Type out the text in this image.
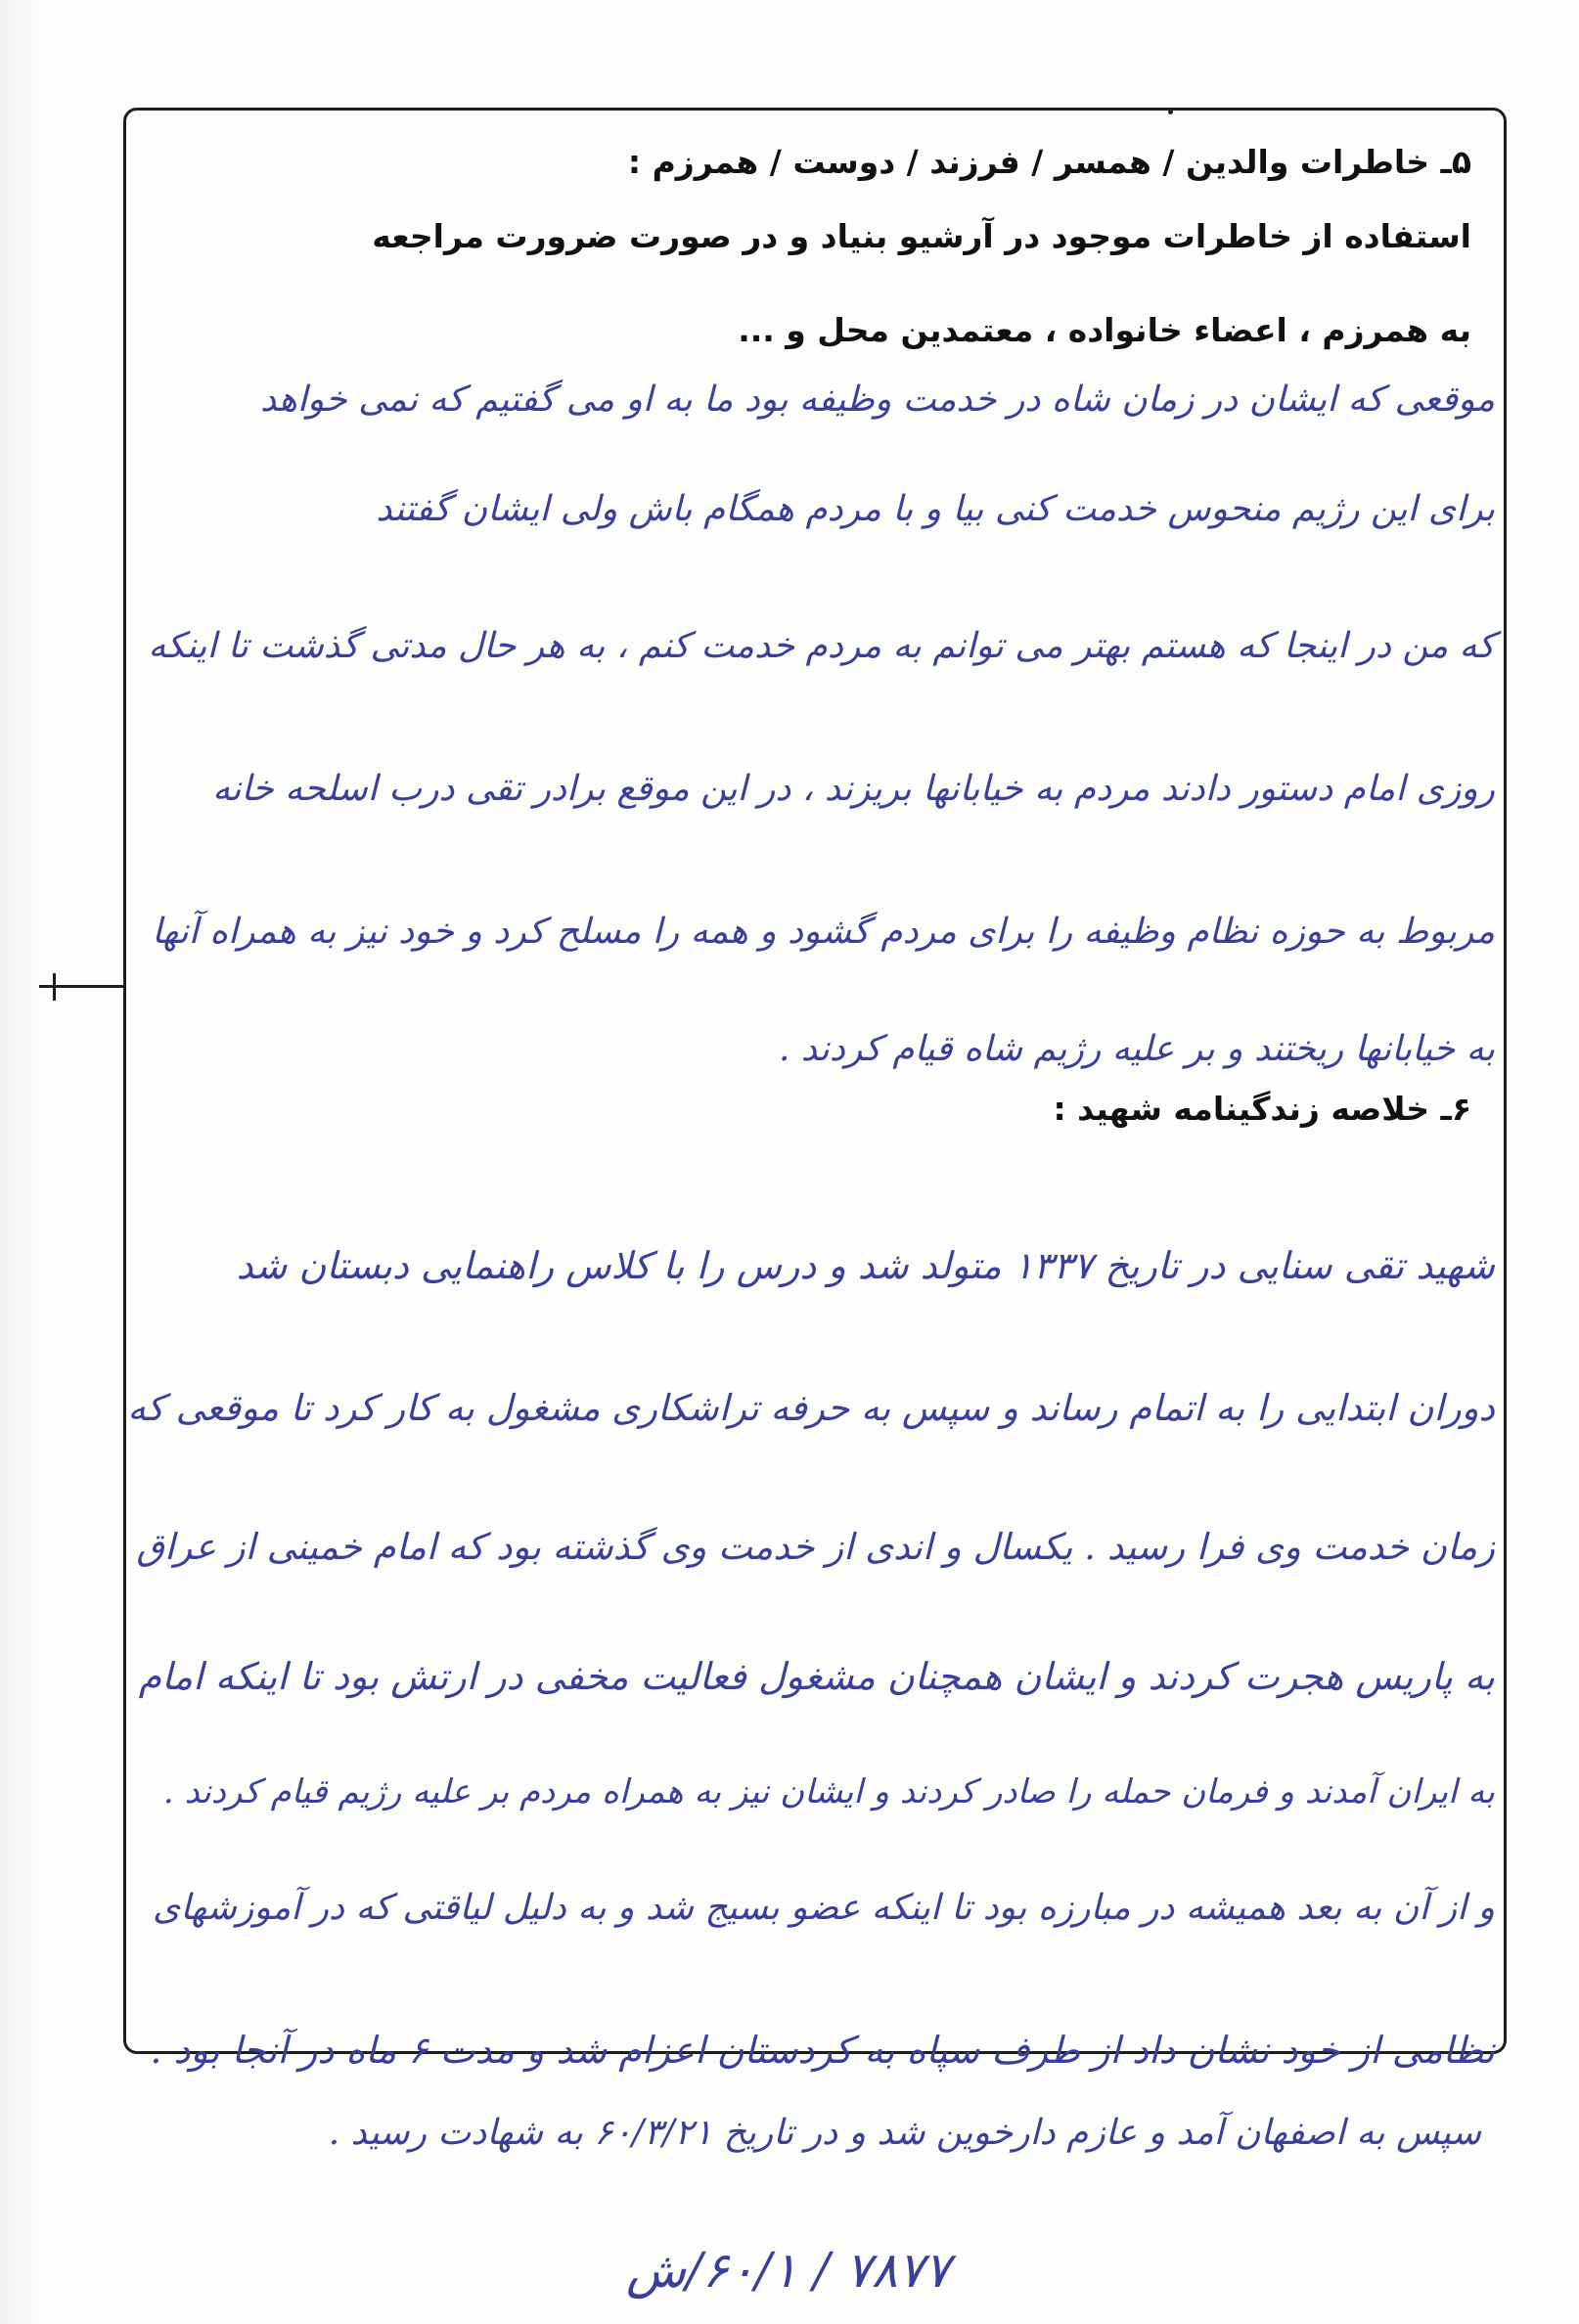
۵ـ خاطرات والدین / همسر / فرزند / دوست / همرزم :
استفاده از خاطرات موجود در آرشیو بنیاد و در صورت ضرورت مراجعه
به همرزم ، اعضاء خانواده ، معتمدین محل و ...
موقعی که ایشان در زمان شاه در خدمت وظیفه بود ما به او می گفتیم که نمی خواهد
برای این رژیم منحوس خدمت کنی بیا و با مردم همگام باش ولی ایشان گفتند
که من در اینجا که هستم بهتر می توانم به مردم خدمت کنم ، به هر حال مدتی گذشت تا اینکه
روزی امام دستور دادند مردم به خیابانها بریزند ، در این موقع برادر تقی درب اسلحه خانه
مربوط به حوزه نظام وظیفه را برای مردم گشود و همه را مسلح کرد و خود نیز به همراه آنها
به خیابانها ریختند و بر علیه رژیم شاه قیام کردند .
۶ـ خلاصه زندگینامه شهید :
شهید تقی سنایی در تاریخ ۱۳۳۷ متولد شد و درس را با کلاس راهنمایی دبستان شد
دوران ابتدایی را به اتمام رساند و سپس به حرفه تراشکاری مشغول به کار کرد تا موقعی که
زمان خدمت وی فرا رسید . یکسال و اندی از خدمت وی گذشته بود که امام خمینی از عراق
به پاریس هجرت کردند و ایشان همچنان مشغول فعالیت مخفی در ارتش بود تا اینکه امام
به ایران آمدند و فرمان حمله را صادر کردند و ایشان نیز به همراه مردم بر علیه رژیم قیام کردند .
و از آن به بعد همیشه در مبارزه بود تا اینکه عضو بسیج شد و به دلیل لیاقتی که در آموزشهای
نظامی از خود نشان داد از طرف سپاه به کردستان اعزام شد و مدت ۶ ماه در آنجا بود .
سپس به اصفهان آمد و عازم دارخوین شد و در تاریخ ۶۰/۳/۲۱ به شهادت رسید .
۷۸۷۷ / ۶۰/۱/ش
